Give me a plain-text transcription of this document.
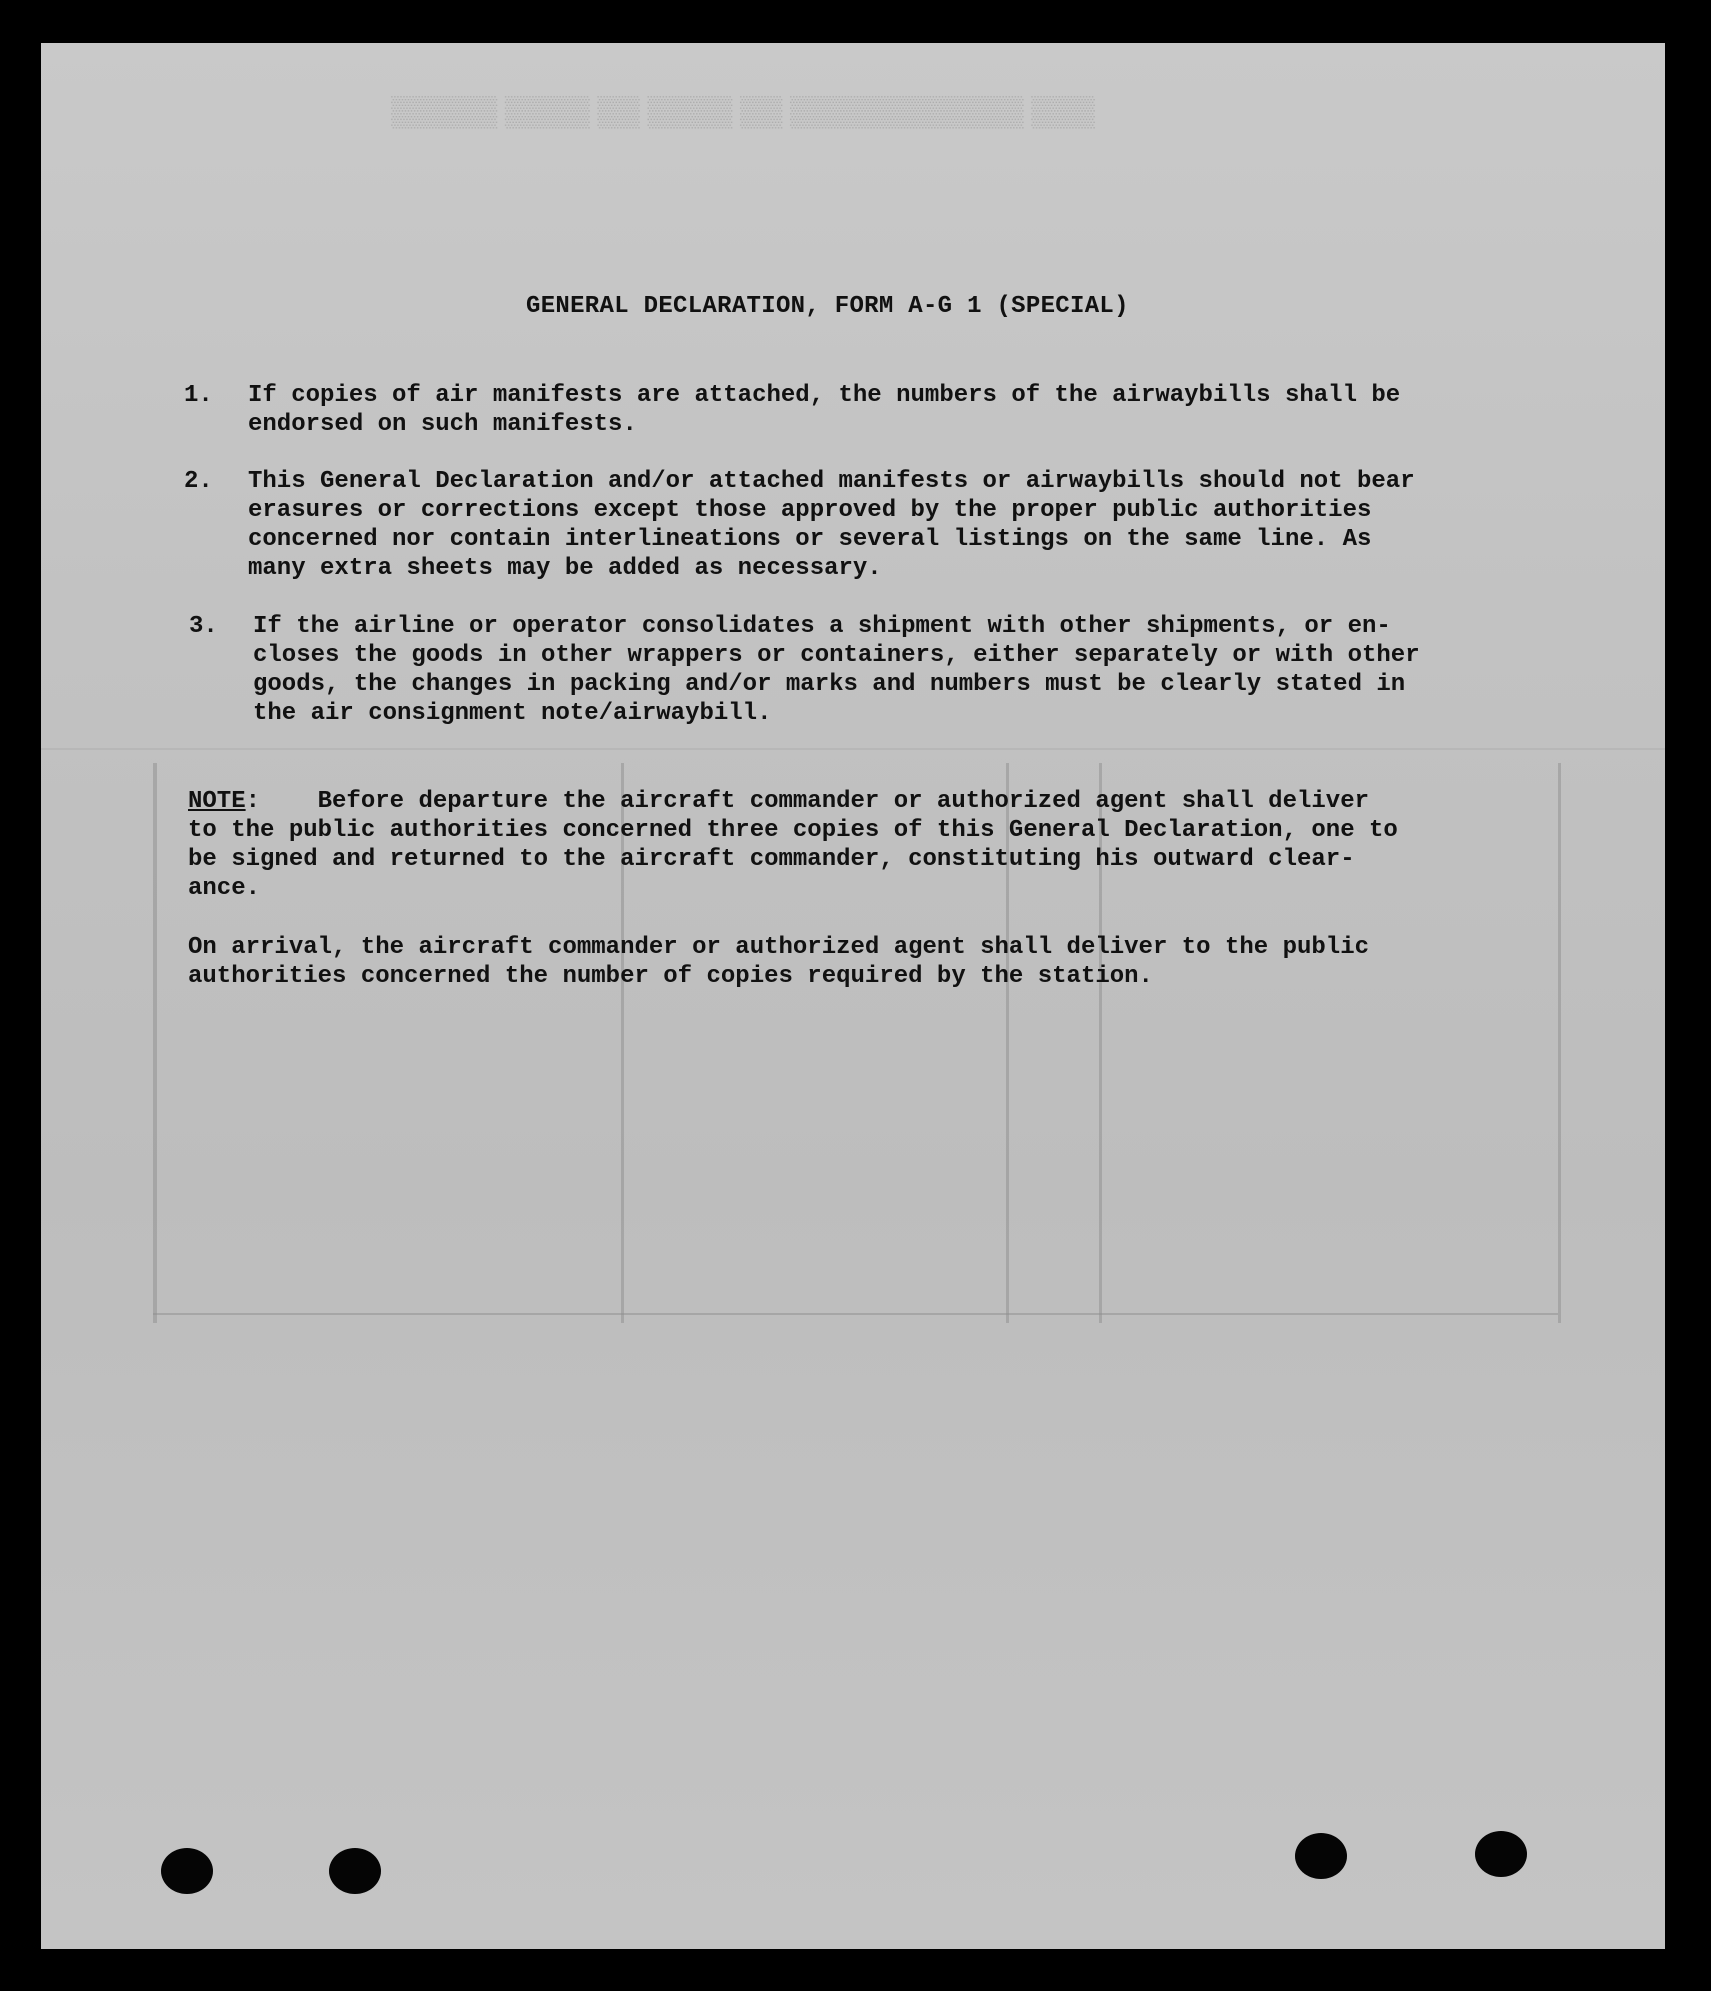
▒▒▒ ▒▒▒▒▒▒▒▒▒▒▒ ▒▒ ▒▒▒▒ ▒▒ ▒▒▒▒ ▒▒▒▒▒
GENERAL DECLARATION, FORM A-G 1 (SPECIAL)
1. If copies of air manifests are attached, the numbers of the airwaybills shall be
endorsed on such manifests.
2. This General Declaration and/or attached manifests or airwaybills should not bear
erasures or corrections except those approved by the proper public authorities
concerned nor contain interlineations or several listings on the same line. As
many extra sheets may be added as necessary.
3. If the airline or operator consolidates a shipment with other shipments, or en-
closes the goods in other wrappers or containers, either separately or with other
goods, the changes in packing and/or marks and numbers must be clearly stated in
the air consignment note/airwaybill.
NOTE:    Before departure the aircraft commander or authorized agent shall deliver
to the public authorities concerned three copies of this General Declaration, one to
be signed and returned to the aircraft commander, constituting his outward clear-
ance.
On arrival, the aircraft commander or authorized agent shall deliver to the public
authorities concerned the number of copies required by the station.
